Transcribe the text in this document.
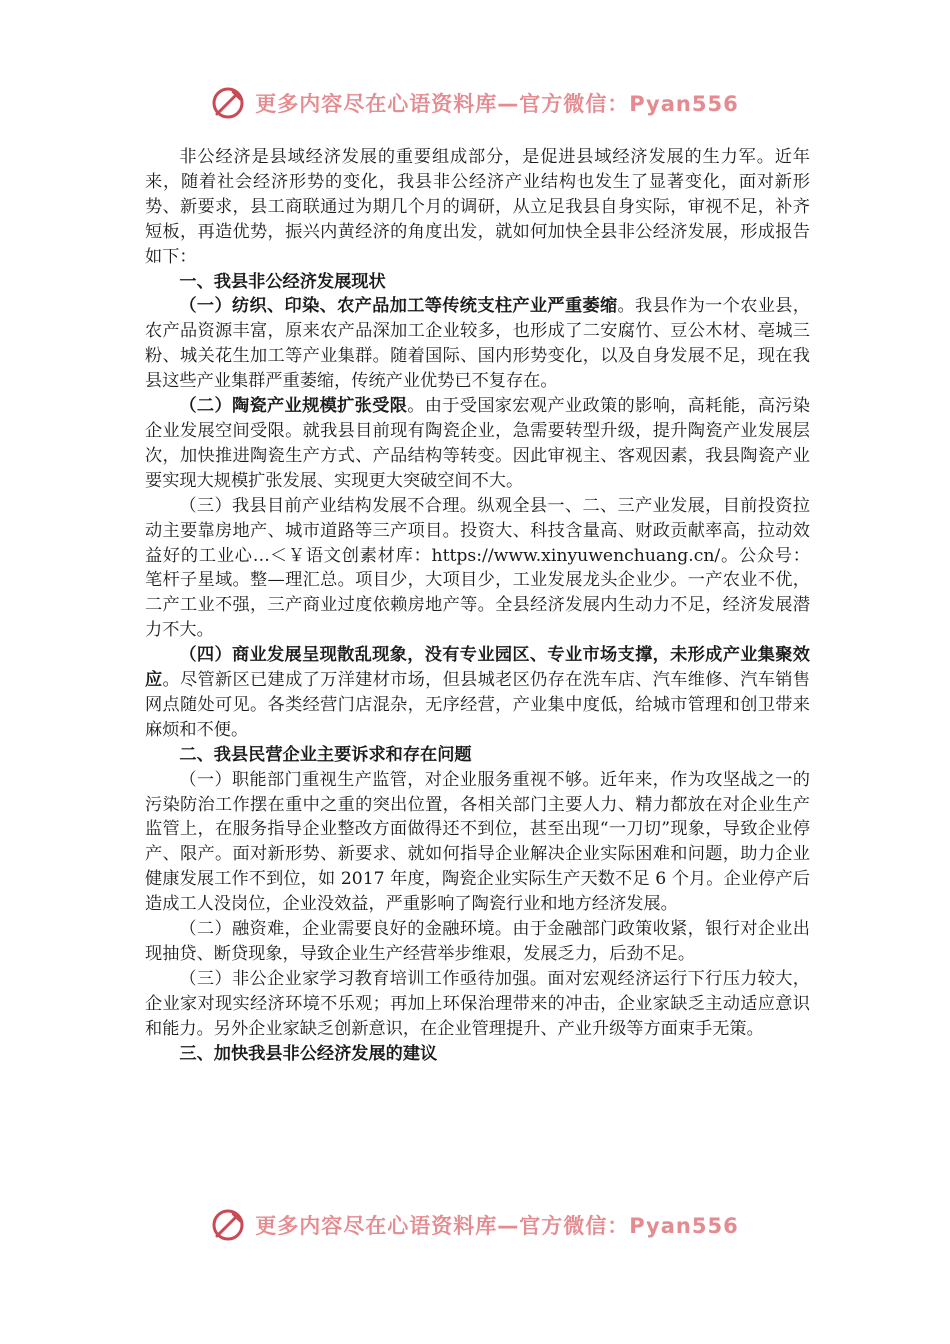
更多内容尽在心语资料库—官方微信：Pyan556

非公经济是县域经济发展的重要组成部分，是促进县域经济发展的生力军。近年来，随着社会经济形势的变化，我县非公经济产业结构也发生了显著变化，面对新形势、新要求，县工商联通过为期几个月的调研，从立足我县自身实际，审视不足，补齐短板，再造优势，振兴内黄经济的角度出发，就如何加快全县非公经济发展，形成报告如下：

一、我县非公经济发展现状

（一）纺织、印染、农产品加工等传统支柱产业严重萎缩。我县作为一个农业县，农产品资源丰富，原来农产品深加工企业较多，也形成了二安腐竹、豆公木材、亳城三粉、城关花生加工等产业集群。随着国际、国内形势变化，以及自身发展不足，现在我县这些产业集群严重萎缩，传统产业优势已不复存在。

（二）陶瓷产业规模扩张受限。由于受国家宏观产业政策的影响，高耗能，高污染企业发展空间受限。就我县目前现有陶瓷企业，急需要转型升级，提升陶瓷产业发展层次，加快推进陶瓷生产方式、产品结构等转变。因此审视主、客观因素，我县陶瓷产业要实现大规模扩张发展、实现更大突破空间不大。

（三）我县目前产业结构发展不合理。纵观全县一、二、三产业发展，目前投资拉动主要靠房地产、城市道路等三产项目。投资大、科技含量高、财政贡献率高，拉动效益好的工业心…＜￥语文创素材库：https://www.xinyuwenchuang.cn/。公众号：笔杆子星域。整—理汇总。项目少，大项目少，工业发展龙头企业少。一产农业不优，二产工业不强，三产商业过度依赖房地产等。全县经济发展内生动力不足，经济发展潜力不大。

（四）商业发展呈现散乱现象，没有专业园区、专业市场支撑，未形成产业集聚效应。尽管新区已建成了万洋建材市场，但县城老区仍存在洗车店、汽车维修、汽车销售网点随处可见。各类经营门店混杂，无序经营，产业集中度低，给城市管理和创卫带来麻烦和不便。

二、我县民营企业主要诉求和存在问题

（一）职能部门重视生产监管，对企业服务重视不够。近年来，作为攻坚战之一的污染防治工作摆在重中之重的突出位置，各相关部门主要人力、精力都放在对企业生产监管上，在服务指导企业整改方面做得还不到位，甚至出现“一刀切”现象，导致企业停产、限产。面对新形势、新要求、就如何指导企业解决企业实际困难和问题，助力企业健康发展工作不到位，如 2017 年度，陶瓷企业实际生产天数不足 6 个月。企业停产后造成工人没岗位，企业没效益，严重影响了陶瓷行业和地方经济发展。

（二）融资难，企业需要良好的金融环境。由于金融部门政策收紧，银行对企业出现抽贷、断贷现象，导致企业生产经营举步维艰，发展乏力，后劲不足。

（三）非公企业家学习教育培训工作亟待加强。面对宏观经济运行下行压力较大，企业家对现实经济环境不乐观；再加上环保治理带来的冲击，企业家缺乏主动适应意识和能力。另外企业家缺乏创新意识，在企业管理提升、产业升级等方面束手无策。

三、加快我县非公经济发展的建议

更多内容尽在心语资料库—官方微信：Pyan556
